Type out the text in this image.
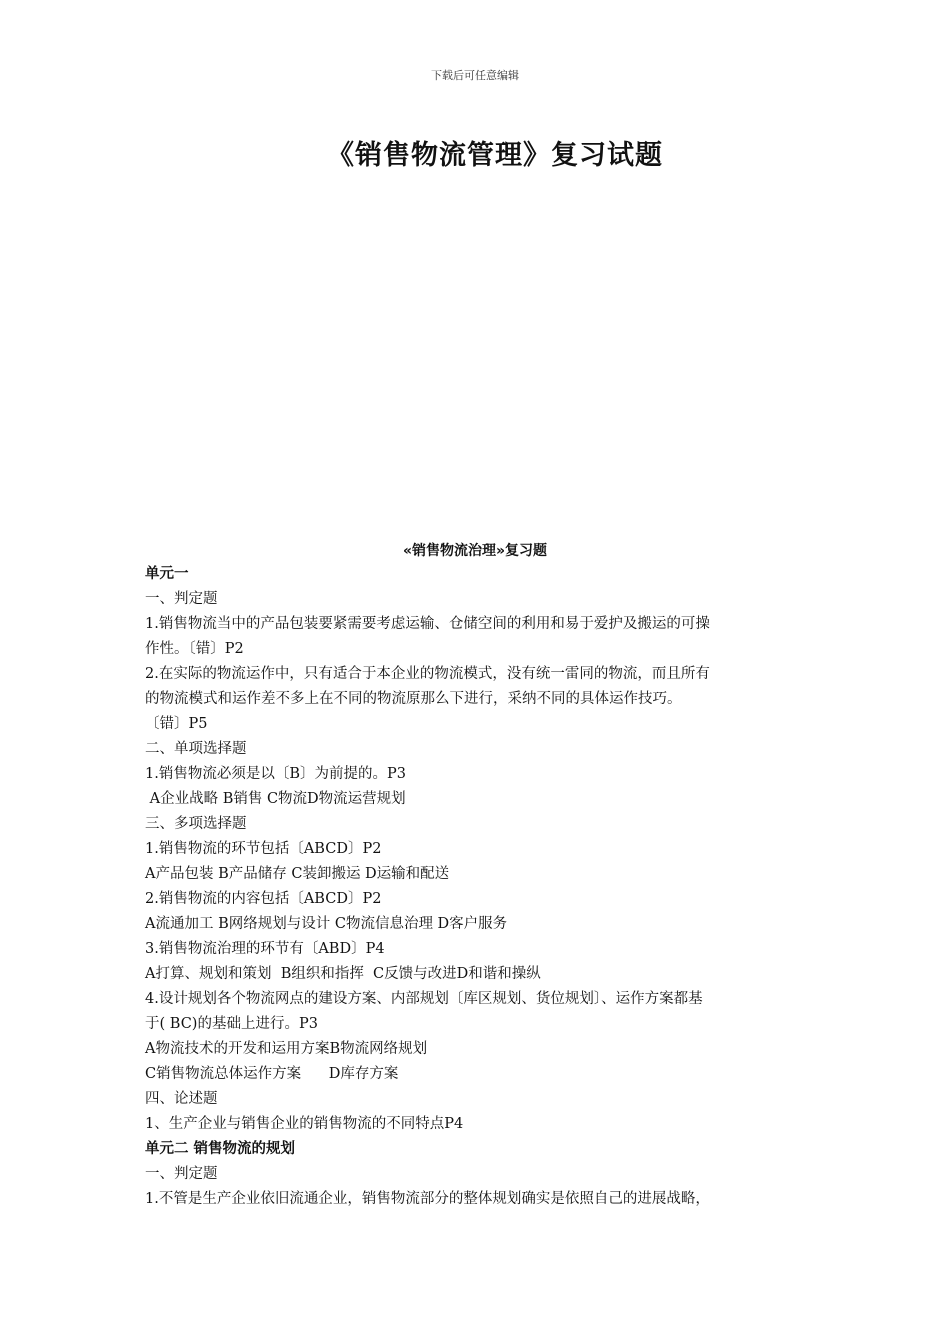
下载后可任意编辑
《销售物流管理》复习试题
«销售物流治理»复习题
单元一
一、判定题
1.销售物流当中的产品包装要紧需要考虑运输、仓储空间的利用和易于爱护及搬运的可操
作性。〔错〕P2
2.在实际的物流运作中，只有适合于本企业的物流模式，没有统一雷同的物流，而且所有
的物流模式和运作差不多上在不同的物流原那么下进行，采纳不同的具体运作技巧。
〔错〕P5
二、单项选择题
1.销售物流必须是以〔B〕为前提的。P3
A企业战略 B销售 C物流D物流运营规划
三、多项选择题
1.销售物流的环节包括〔ABCD〕P2
A产品包装 B产品储存 C装卸搬运 D运输和配送
2.销售物流的内容包括〔ABCD〕P2
A流通加工 B网络规划与设计 C物流信息治理 D客户服务
3.销售物流治理的环节有〔ABD〕P4
A打算、规划和策划  B组织和指挥  C反馈与改进D和谐和操纵
4.设计规划各个物流网点的建设方案、内部规划〔库区规划、货位规划〕、运作方案都基
于( BC)的基础上进行。P3
A物流技术的开发和运用方案B物流网络规划
C销售物流总体运作方案      D库存方案
四、论述题
1、生产企业与销售企业的销售物流的不同特点P4
单元二 销售物流的规划
一、判定题
1.不管是生产企业依旧流通企业，销售物流部分的整体规划确实是依照自己的进展战略，
